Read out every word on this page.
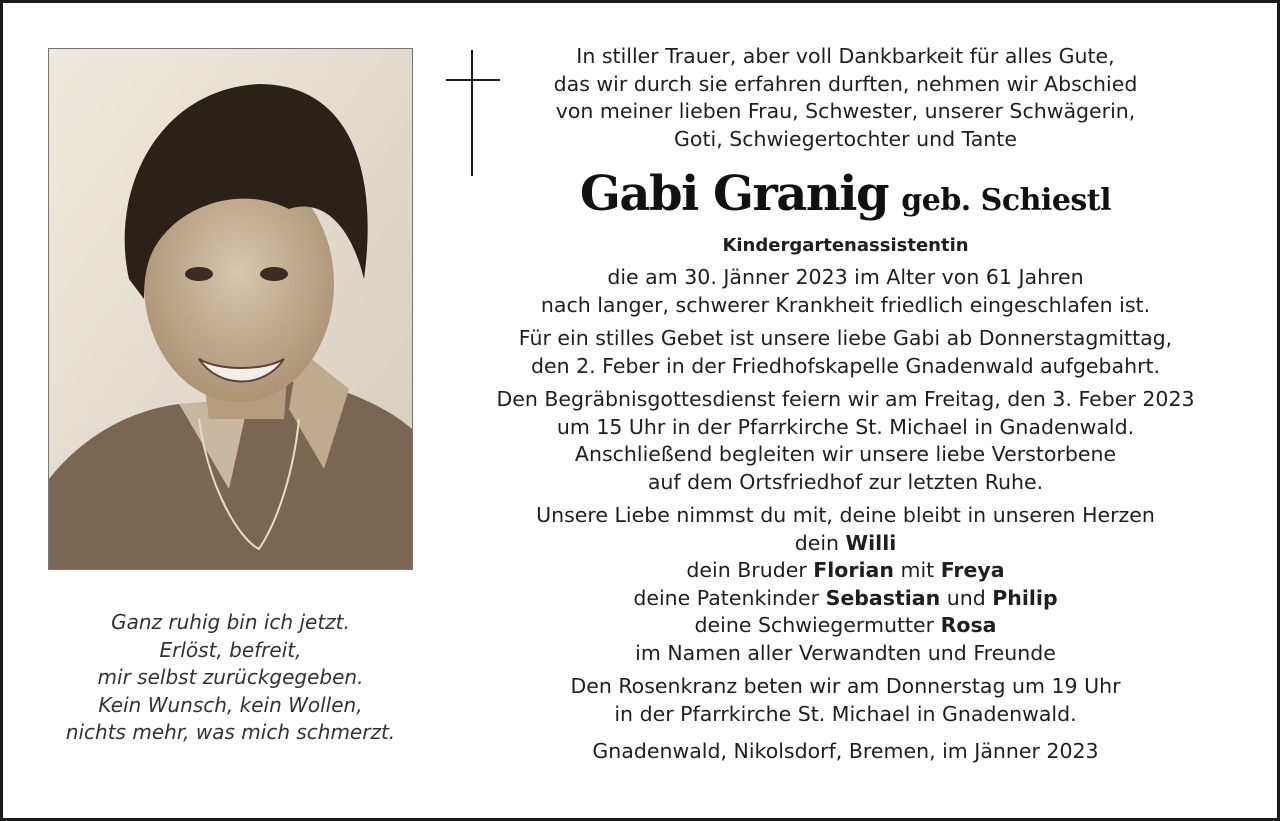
Ganz ruhig bin ich jetzt.
Erlöst, befreit,
mir selbst zurückgegeben.
Kein Wunsch, kein Wollen,
nichts mehr, was mich schmerzt.
In stiller Trauer, aber voll Dankbarkeit für alles Gute,
das wir durch sie erfahren durften, nehmen wir Abschied
von meiner lieben Frau, Schwester, unserer Schwägerin,
Goti, Schwiegertochter und Tante
Gabi Granig geb. Schiestl
Kindergartenassistentin
die am 30. Jänner 2023 im Alter von 61 Jahren
nach langer, schwerer Krankheit friedlich eingeschlafen ist.
Für ein stilles Gebet ist unsere liebe Gabi ab Donnerstagmittag,
den 2. Feber in der Friedhofskapelle Gnadenwald aufgebahrt.
Den Begräbnisgottesdienst feiern wir am Freitag, den 3. Feber 2023
um 15 Uhr in der Pfarrkirche St. Michael in Gnadenwald.
Anschließend begleiten wir unsere liebe Verstorbene
auf dem Ortsfriedhof zur letzten Ruhe.
Unsere Liebe nimmst du mit, deine bleibt in unseren Herzen
dein Willi
dein Bruder Florian mit Freya
deine Patenkinder Sebastian und Philip
deine Schwiegermutter Rosa
im Namen aller Verwandten und Freunde
Den Rosenkranz beten wir am Donnerstag um 19 Uhr
in der Pfarrkirche St. Michael in Gnadenwald.
Gnadenwald, Nikolsdorf, Bremen, im Jänner 2023
